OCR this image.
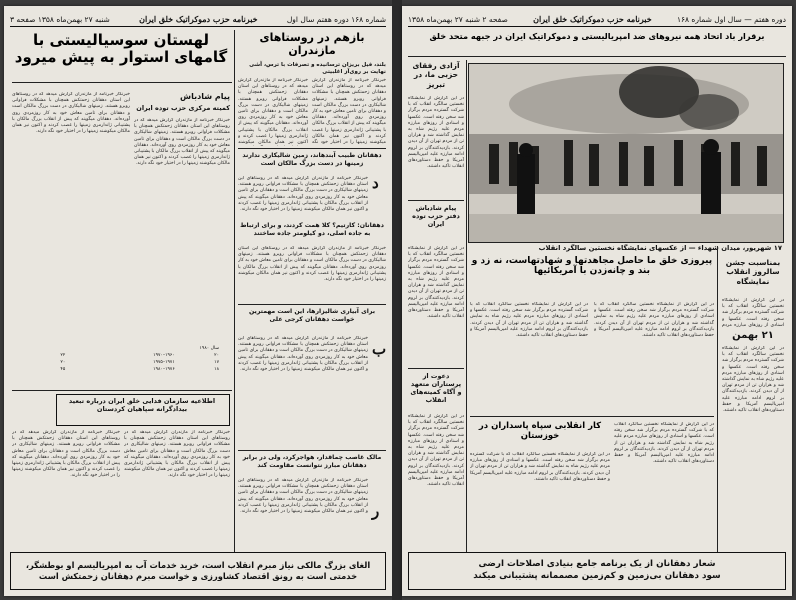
شماره ۱۶۸ دوره هفتم سال اول
خبرنامه حزب دموکراتیک خلق ایران
شنبه ۲۷ بهمن‌ماه ۱۳۵۸ صفحه ۳
لهستان سوسیالیستی با گامهای استوار به پیش میرود
پیام شادباش
کمیته مرکزی حزب توده ایران
خبرنگار خبرنامه از مازندران گزارش میدهد که در روستاهای این استان دهقانان زحمتکش همچنان با مشکلات فراوانی روبرو هستند. زمینهای شالیکاری در دست بزرگ مالکان است و دهقانان برای تامین معاش خود به کار روزمزدی روی آورده‌اند. دهقانان میگویند که پیش از انقلاب بزرگ مالکان با پشتیبانی ژاندارمری زمینها را غصب کردند و اکنون نیز همان مالکان میکوشند زمینها را در اختیار خود نگه دارند.
خبرنگار خبرنامه از مازندران گزارش میدهد که در روستاهای این استان دهقانان زحمتکش همچنان با مشکلات فراوانی روبرو هستند. زمینهای شالیکاری در دست بزرگ مالکان است و دهقانان برای تامین معاش خود به کار روزمزدی روی آورده‌اند. دهقانان میگویند که پیش از انقلاب بزرگ مالکان با پشتیبانی ژاندارمری زمینها را غصب کردند و اکنون نیز همان مالکان میکوشند زمینها را در اختیار خود نگه دارند.
سال ۱۹۸۰		
۲۰	۱۹۶۰–۱۹۷۰	۲۲
۱۷	۱۹۷۱–۱۹۷۵	۲۰
۱۸	۱۹۷۶–۱۹۸۰	۴۵
اطلاعیه سازمان فدایی خلق ایران درباره تبعید بیدادگرانه سپاهیان کردستان
خبرنگار خبرنامه از مازندران گزارش میدهد که در روستاهای این استان دهقانان زحمتکش همچنان با مشکلات فراوانی روبرو هستند. زمینهای شالیکاری در دست بزرگ مالکان است و دهقانان برای تامین معاش خود به کار روزمزدی روی آورده‌اند. دهقانان میگویند که پیش از انقلاب بزرگ مالکان با پشتیبانی ژاندارمری زمینها را غصب کردند و اکنون نیز همان مالکان میکوشند زمینها را در اختیار خود نگه دارند.
خبرنگار خبرنامه از مازندران گزارش میدهد که در روستاهای این استان دهقانان زحمتکش همچنان با مشکلات فراوانی روبرو هستند. زمینهای شالیکاری در دست بزرگ مالکان است و دهقانان برای تامین معاش خود به کار روزمزدی روی آورده‌اند. دهقانان میگویند که پیش از انقلاب بزرگ مالکان با پشتیبانی ژاندارمری زمینها را غصب کردند و اکنون نیز همان مالکان میکوشند زمینها را در اختیار خود نگه دارند.
بازهم در روستاهای مازندران
بلند، فیل بریزان ترسانیده و تصرفات با ترس، آشی نهایت بر روی‌آز اغلبیتی
خبرنگار خبرنامه از مازندران گزارش میدهد که در روستاهای این استان دهقانان زحمتکش همچنان با مشکلات فراوانی روبرو هستند. زمینهای شالیکاری در دست بزرگ مالکان است و دهقانان برای تامین معاش خود به کار روزمزدی روی آورده‌اند. دهقانان میگویند که پیش از انقلاب بزرگ مالکان با پشتیبانی ژاندارمری زمینها را غصب کردند و اکنون نیز همان مالکان میکوشند
خبرنگار خبرنامه از مازندران گزارش میدهد که در روستاهای این استان دهقانان زحمتکش همچنان با مشکلات فراوانی روبرو هستند. زمینهای شالیکاری در دست بزرگ مالکان است و دهقانان برای تامین معاش خود به کار روزمزدی روی آورده‌اند. دهقانان میگویند که پیش از انقلاب بزرگ مالکان با پشتیبانی ژاندارمری زمینها را غصب کردند و اکنون نیز همان مالکان میکوشند زمینها را در اختیار خود نگه
دهقانان طبیب آبندهاند، زمین شالیکاری ندارند زمینها در دست بزرگ مالکان است
د
خبرنگار خبرنامه از مازندران گزارش میدهد که در روستاهای این استان دهقانان زحمتکش همچنان با مشکلات فراوانی روبرو هستند. زمینهای شالیکاری در دست بزرگ مالکان است و دهقانان برای تامین معاش خود به کار روزمزدی روی آورده‌اند. دهقانان میگویند که پیش از انقلاب بزرگ مالکان با پشتیبانی ژاندارمری زمینها را غصب کردند و اکنون نیز همان مالکان میکوشند زمینها را در اختیار خود نگه دارند.
دهقانان: کارتیم؟ کلا همت کردند، و برای ارتباط به جاده اصلی، دو کیلومتر جاده ساختند
خبرنگار خبرنامه از مازندران گزارش میدهد که در روستاهای این استان دهقانان زحمتکش همچنان با مشکلات فراوانی روبرو هستند. زمینهای شالیکاری در دست بزرگ مالکان است و دهقانان برای تامین معاش خود به کار روزمزدی روی آورده‌اند. دهقانان میگویند که پیش از انقلاب بزرگ مالکان با پشتیبانی ژاندارمری زمینها را غصب کردند و اکنون نیز همان مالکان میکوشند زمینها را در اختیار خود نگه دارند.
برای آبیاری شالیزارها، این است مهمترین خواست دهقانان کرجی علی
ب
خبرنگار خبرنامه از مازندران گزارش میدهد که در روستاهای این استان دهقانان زحمتکش همچنان با مشکلات فراوانی روبرو هستند. زمینهای شالیکاری در دست بزرگ مالکان است و دهقانان برای تامین معاش خود به کار روزمزدی روی آورده‌اند. دهقانان میگویند که پیش از انقلاب بزرگ مالکان با پشتیبانی ژاندارمری زمینها را غصب کردند و اکنون نیز همان مالکان میکوشند زمینها را در اختیار خود نگه دارند.
مالک غاصب چماقدار، هواجرکرد، ولی در برابر دهقانان مبارز نتوانست مقاومت کند
ر
خبرنگار خبرنامه از مازندران گزارش میدهد که در روستاهای این استان دهقانان زحمتکش همچنان با مشکلات فراوانی روبرو هستند. زمینهای شالیکاری در دست بزرگ مالکان است و دهقانان برای تامین معاش خود به کار روزمزدی روی آورده‌اند. دهقانان میگویند که پیش از انقلاب بزرگ مالکان با پشتیبانی ژاندارمری زمینها را غصب کردند و اکنون نیز همان مالکان میکوشند زمینها را در اختیار خود نگه دارند.
الغای بزرگ مالکی نیاز مبرم انقلاب است، خرید خدمات آب به امپریالیسم او بوطشگر،
خدمتی است به رونق اقتصاد کشاورزی و خواست مبرم دهقانان زحمتکش است
دوره هفتم — سال اول شماره ۱۶۸
خبرنامه حزب دموکراتیک خلق ایران
صفحه ۲ شنبه ۲۷ بهمن‌ماه ۱۳۵۸
برقرار باد اتحاد همه نیروهای ضد امپریالیستی و دموکراتیک ایران در جبهه متحد خلق
آزادی رفقای حزبی ما، در تبریز
در این گزارش از نمایشگاه نخستین سالگرد انقلاب که با شرکت گسترده مردم برگزار شد سخن رفته است. عکسها و اسنادی از روزهای مبارزه مردم علیه رژیم شاه به نمایش گذاشته شد و هزاران تن از مردم تهران از آن دیدن کردند. بازدیدکنندگان بر لزوم ادامه مبارزه علیه امپریالیسم آمریکا و حفظ دستاوردهای انقلاب تاکید داشتند.
پیام شادباش دفتر حزب توده ایران
در این گزارش از نمایشگاه نخستین سالگرد انقلاب که با شرکت گسترده مردم برگزار شد سخن رفته است. عکسها و اسنادی از روزهای مبارزه مردم علیه رژیم شاه به نمایش گذاشته شد و هزاران تن از مردم تهران از آن دیدن کردند. بازدیدکنندگان بر لزوم ادامه مبارزه علیه امپریالیسم آمریکا و حفظ دستاوردهای انقلاب تاکید داشتند.
دعوت از پرستاران متعهد و آگاه کمیته‌های انقلاب
در این گزارش از نمایشگاه نخستین سالگرد انقلاب که با شرکت گسترده مردم برگزار شد سخن رفته است. عکسها و اسنادی از روزهای مبارزه مردم علیه رژیم شاه به نمایش گذاشته شد و هزاران تن از مردم تهران از آن دیدن کردند. بازدیدکنندگان بر لزوم ادامه مبارزه علیه امپریالیسم آمریکا و حفظ دستاوردهای انقلاب تاکید داشتند.
۱۷ شهریور، میدان شهداء — از عکسهای نمایشگاه نخستین سالگرد انقلاب
بمناسبت جشن سالروز انقلاب نمایشگاه
در این گزارش از نمایشگاه نخستین سالگرد انقلاب که با شرکت گسترده مردم برگزار شد سخن رفته است. عکسها و اسنادی از روزهای مبارزه مردم
۲۱ بهمن
در این گزارش از نمایشگاه نخستین سالگرد انقلاب که با شرکت گسترده مردم برگزار شد سخن رفته است. عکسها و اسنادی از روزهای مبارزه مردم علیه رژیم شاه به نمایش گذاشته شد و هزاران تن از مردم تهران از آن دیدن کردند. بازدیدکنندگان بر لزوم ادامه مبارزه علیه امپریالیسم آمریکا و حفظ دستاوردهای انقلاب تاکید داشتند.
پیروزی خلق ما حاصل مجاهدتها و شهادتهاست، نه زد و بند و چانه‌زدن با آمریکائیها
در این گزارش از نمایشگاه نخستین سالگرد انقلاب که با شرکت گسترده مردم برگزار شد سخن رفته است. عکسها و اسنادی از روزهای مبارزه مردم علیه رژیم شاه به نمایش گذاشته شد و هزاران تن از مردم تهران از آن دیدن کردند. بازدیدکنندگان بر لزوم ادامه مبارزه علیه امپریالیسم آمریکا و حفظ دستاوردهای انقلاب تاکید داشتند.
در این گزارش از نمایشگاه نخستین سالگرد انقلاب که با شرکت گسترده مردم برگزار شد سخن رفته است. عکسها و اسنادی از روزهای مبارزه مردم علیه رژیم شاه به نمایش گذاشته شد و هزاران تن از مردم تهران از آن دیدن کردند. بازدیدکنندگان بر لزوم ادامه مبارزه علیه امپریالیسم آمریکا و حفظ دستاوردهای انقلاب تاکید داشتند.
کار انقلابی سپاه پاسداران در خوزستان
در این گزارش از نمایشگاه نخستین سالگرد انقلاب که با شرکت گسترده مردم برگزار شد سخن رفته است. عکسها و اسنادی از روزهای مبارزه مردم علیه رژیم شاه به نمایش گذاشته شد و هزاران تن از مردم تهران از آن دیدن کردند. بازدیدکنندگان بر لزوم ادامه مبارزه علیه امپریالیسم آمریکا و حفظ دستاوردهای انقلاب تاکید داشتند.
در این گزارش از نمایشگاه نخستین سالگرد انقلاب که با شرکت گسترده مردم برگزار شد سخن رفته است. عکسها و اسنادی از روزهای مبارزه مردم علیه رژیم شاه به نمایش گذاشته شد و هزاران تن از مردم تهران از آن دیدن کردند. بازدیدکنندگان بر لزوم ادامه مبارزه علیه امپریالیسم آمریکا و حفظ دستاوردهای انقلاب تاکید داشتند.
شعار دهقانان از یک برنامه جامع بنیادی اصلاحات ارضی
سود دهقانان بی‌زمین و کم‌زمین مصممانه پشتیبانی میکند
